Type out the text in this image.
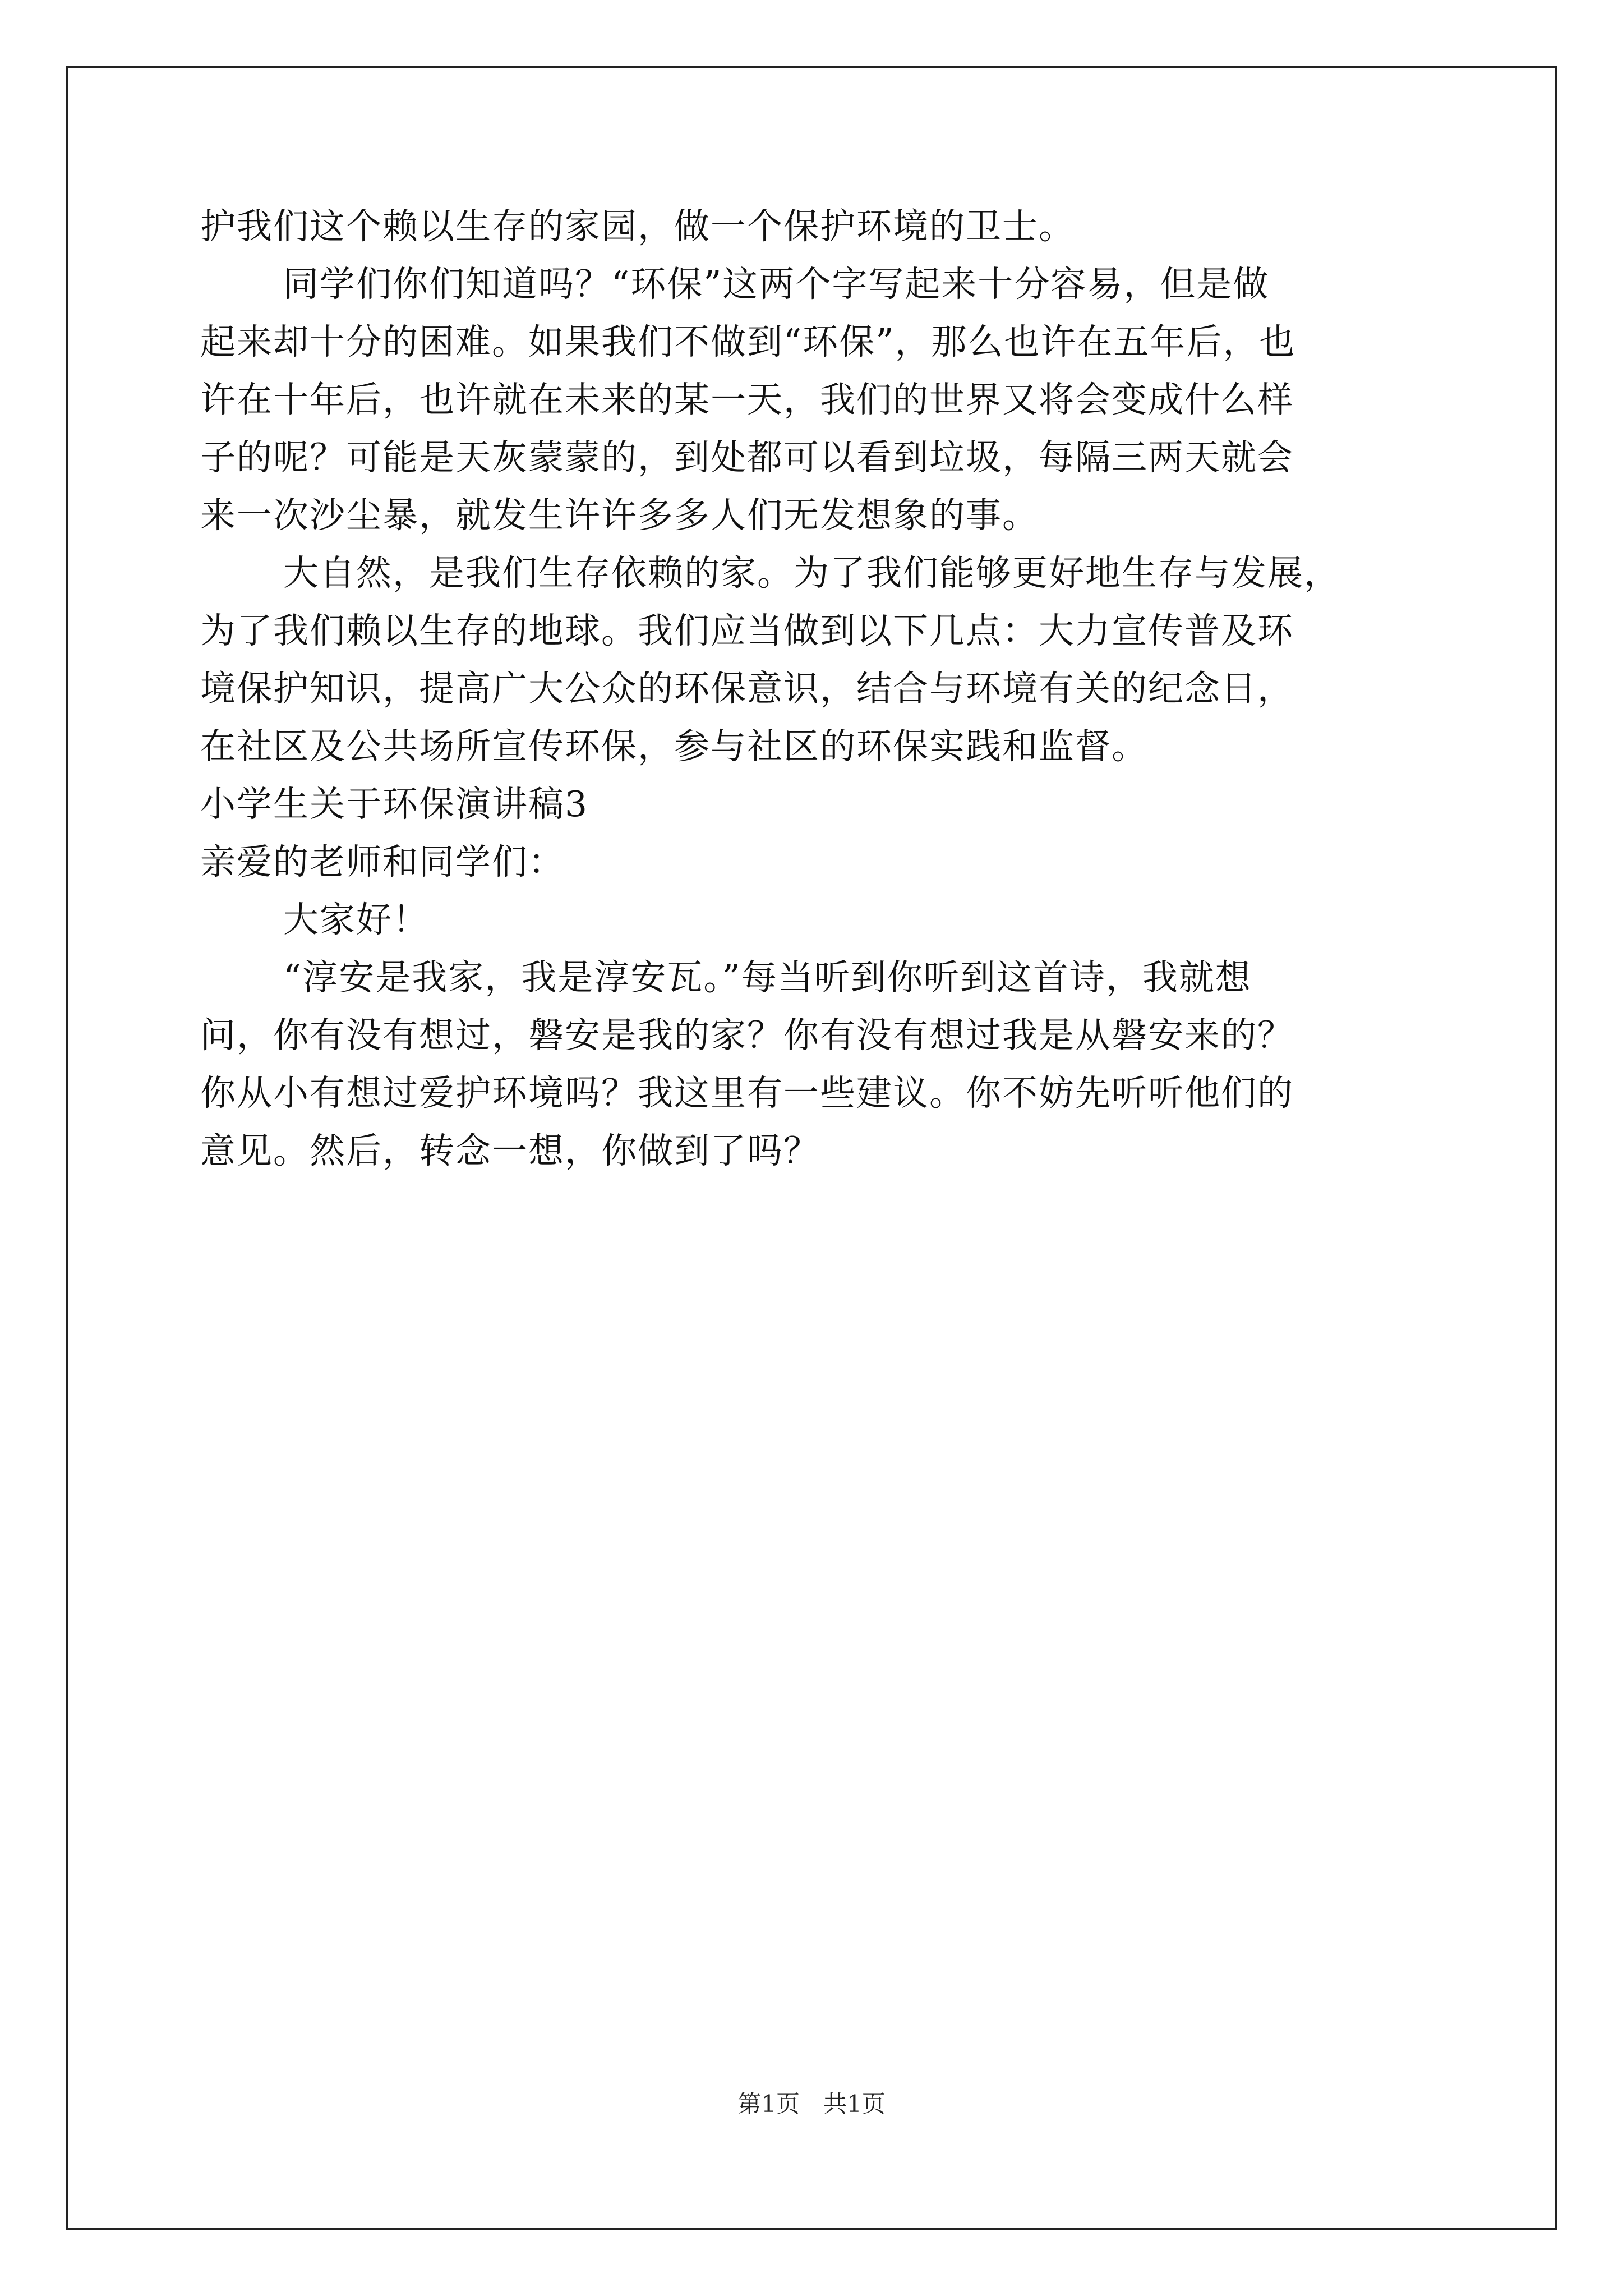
护我们这个赖以生存的家园，做一个保护环境的卫士。
同学们你们知道吗？“环保”这两个字写起来十分容易，但是做
起来却十分的困难。如果我们不做到“环保”，那么也许在五年后，也
许在十年后，也许就在未来的某一天，我们的世界又将会变成什么样
子的呢？可能是天灰蒙蒙的，到处都可以看到垃圾，每隔三两天就会
来一次沙尘暴，就发生许许多多人们无发想象的事。
大自然，是我们生存依赖的家。为了我们能够更好地生存与发展，
为了我们赖以生存的地球。我们应当做到以下几点：大力宣传普及环
境保护知识，提高广大公众的环保意识，结合与环境有关的纪念日，
在社区及公共场所宣传环保，参与社区的环保实践和监督。
小学生关于环保演讲稿3
亲爱的老师和同学们：
大家好！
“淳安是我家，我是淳安瓦。”每当听到你听到这首诗，我就想
问，你有没有想过，磐安是我的家？你有没有想过我是从磐安来的？
你从小有想过爱护环境吗？我这里有一些建议。你不妨先听听他们的
意见。然后，转念一想，你做到了吗？
第1页　共1页
